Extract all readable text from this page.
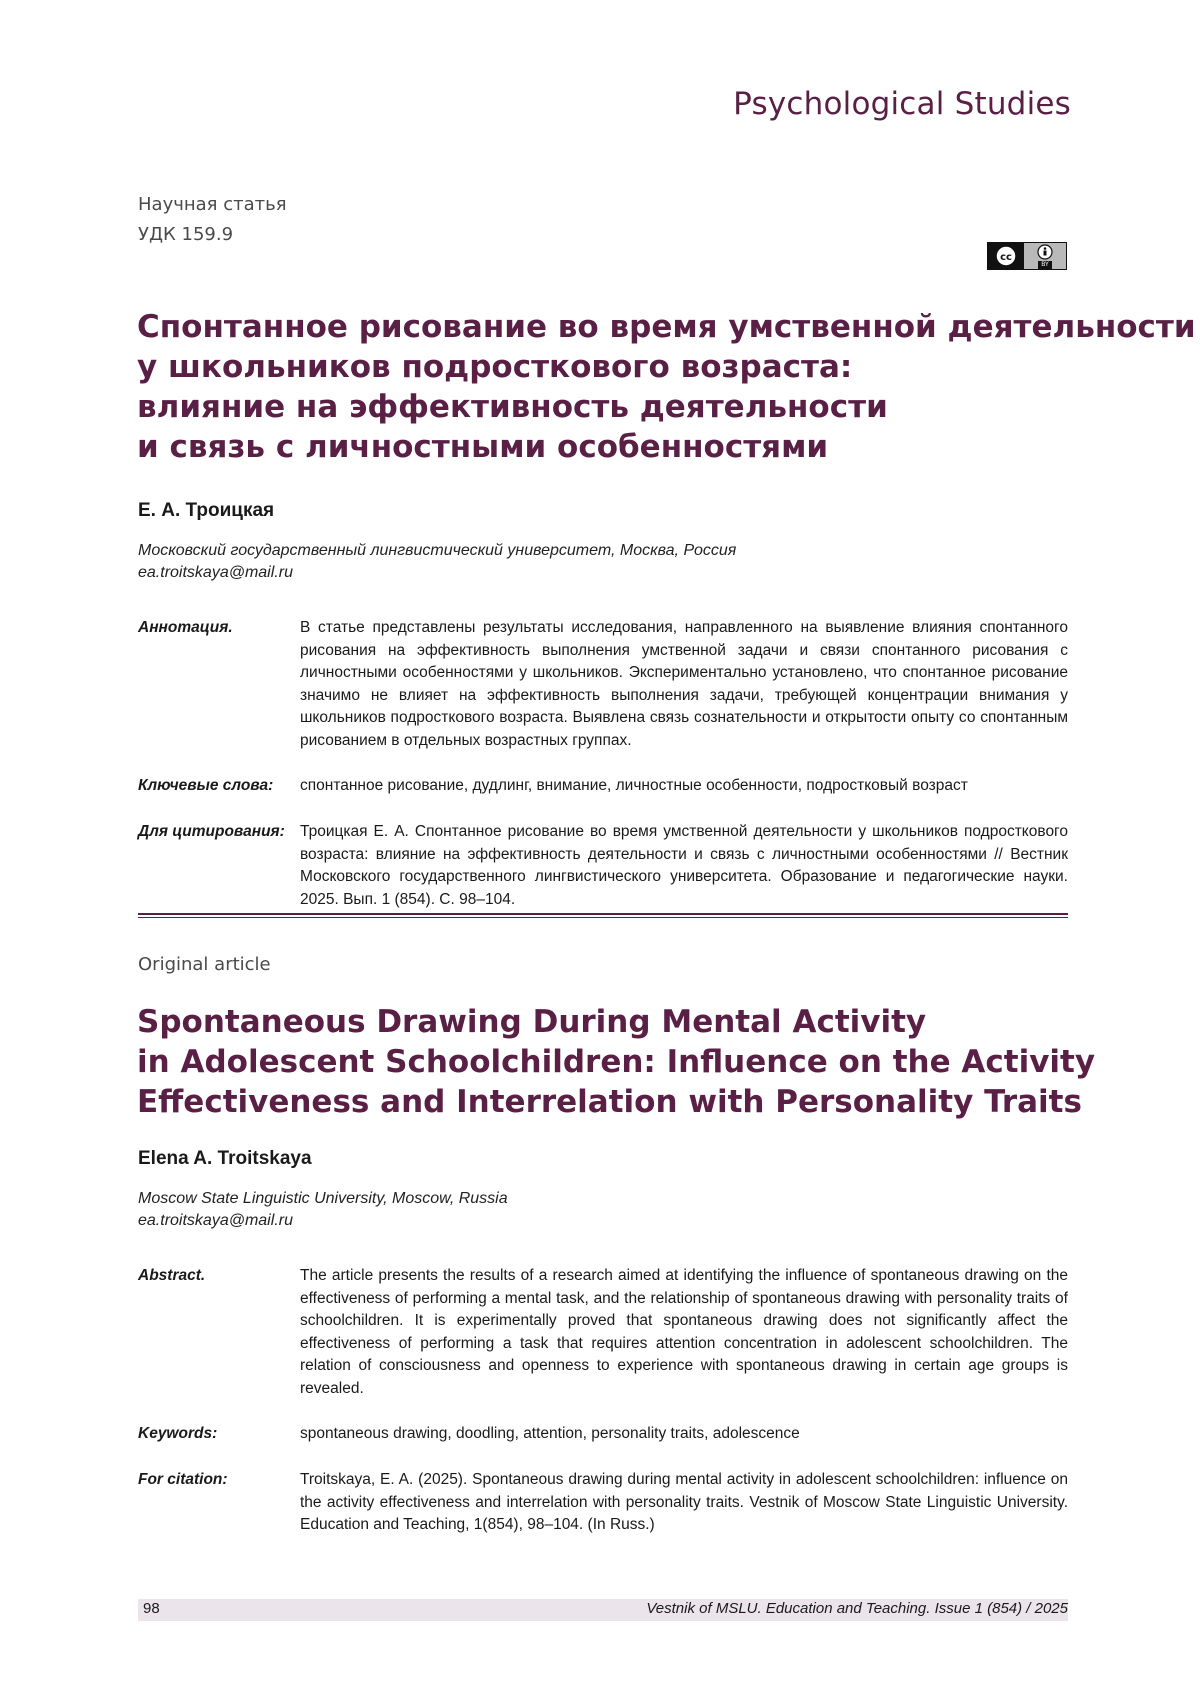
Psychological Studies
Научная статья
УДК 159.9
cc
BY
Спонтанное рисование во время умственной деятельности
у школьников подросткового возраста:
влияние на эффективность деятельности
и связь с личностными особенностями
Е. А. Троицкая
Московский государственный лингвистический университет, Москва, Россия
ea.troitskaya@mail.ru
Аннотация.	В статье представлены результаты исследования, направленного на выявление влияния спонтанного рисования на эффективность выполнения умственной задачи и связи спонтанного рисования с личностными особенностями у школьников. Экспериментально установлено, что спонтанное рисование значимо не влияет на эффективность выполнения задачи, требующей концентрации внимания у школьников подросткового возраста. Выявлена связь сознательности и открытости опыту со спонтанным рисованием в отдельных возрастных группах.
Ключевые слова: спонтанное рисование, дудлинг, внимание, личностные особенности, подростковый возраст
Для цитирования: Троицкая Е. А. Спонтанное рисование во время умственной деятельности у школьников подросткового возраста: влияние на эффективность деятельности и связь с личностными особенностями // Вестник Московского государственного лингвистического университета. Образование и педагогические науки. 2025. Вып. 1 (854). С. 98–104.
Original article
Spontaneous Drawing During Mental Activity
in Adolescent Schoolchildren: Influence on the Activity
Effectiveness and Interrelation with Personality Traits
Elena A. Troitskaya
Moscow State Linguistic University, Moscow, Russia
ea.troitskaya@mail.ru
Abstract.	The article presents the results of a research aimed at identifying the influence of spontaneous drawing on the effectiveness of performing a mental task, and the relationship of spontaneous drawing with personality traits of schoolchildren. It is experimentally proved that spontaneous drawing does not significantly affect the effectiveness of performing a task that requires attention concentration in adolescent schoolchildren. The relation of consciousness and openness to experience with spontaneous drawing in certain age groups is revealed.
Keywords:	spontaneous drawing, doodling, attention, personality traits, adolescence
For citation:	Troitskaya, E. A. (2025). Spontaneous drawing during mental activity in adolescent schoolchildren: influence on the activity effectiveness and interrelation with personality traits. Vestnik of Moscow State Linguistic University. Education and Teaching, 1(854), 98–104. (In Russ.)
98	Vestnik of MSLU. Education and Teaching. Issue 1 (854) / 2025
